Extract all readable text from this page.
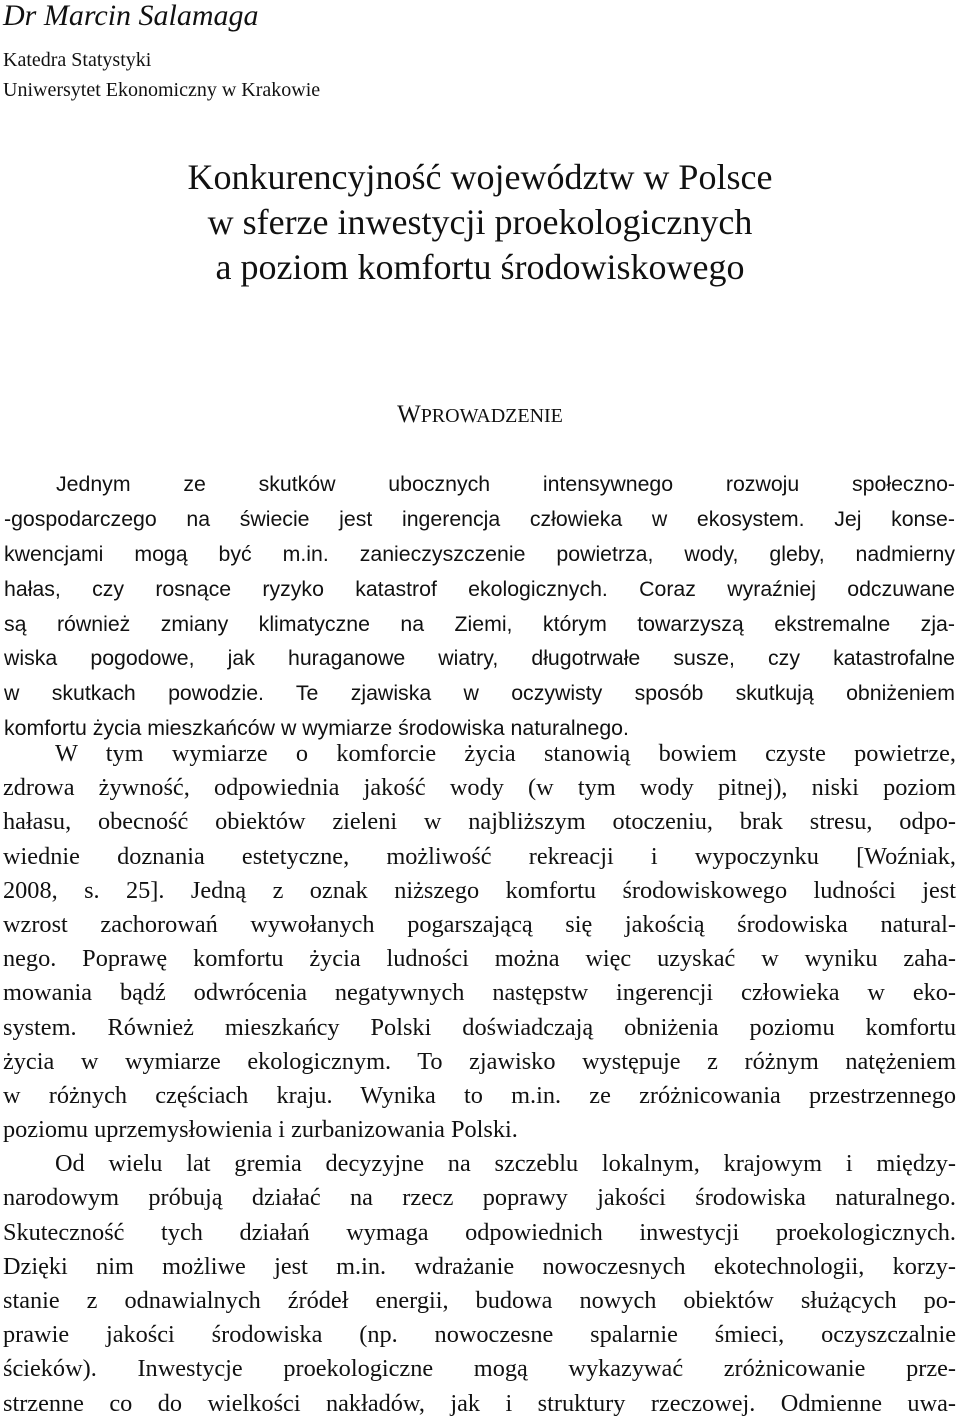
Dr Marcin Salamaga
Katedra Statystyki
Uniwersytet Ekonomiczny w Krakowie
Konkurencyjność województw w Polsce
w sferze inwestycji proekologicznych
a poziom komfortu środowiskowego
WPROWADZENIE
Jednym ze skutków ubocznych intensywnego rozwoju społeczno-
-gospodarczego na świecie jest ingerencja człowieka w ekosystem. Jej konse-
kwencjami mogą być m.in. zanieczyszczenie powietrza, wody, gleby, nadmierny
hałas, czy rosnące ryzyko katastrof ekologicznych. Coraz wyraźniej odczuwane
są również zmiany klimatyczne na Ziemi, którym towarzyszą ekstremalne zja-
wiska pogodowe, jak huraganowe wiatry, długotrwałe susze, czy katastrofalne
w skutkach powodzie. Te zjawiska w oczywisty sposób skutkują obniżeniem
komfortu życia mieszkańców w wymiarze środowiska naturalnego.
W tym wymiarze o komforcie życia stanowią bowiem czyste powietrze,
zdrowa żywność, odpowiednia jakość wody (w tym wody pitnej), niski poziom
hałasu, obecność obiektów zieleni w najbliższym otoczeniu, brak stresu, odpo-
wiednie doznania estetyczne, możliwość rekreacji i wypoczynku [Woźniak,
2008, s. 25]. Jedną z oznak niższego komfortu środowiskowego ludności jest
wzrost zachorowań wywołanych pogarszającą się jakością środowiska natural-
nego. Poprawę komfortu życia ludności można więc uzyskać w wyniku zaha-
mowania bądź odwrócenia negatywnych następstw ingerencji człowieka w eko-
system. Również mieszkańcy Polski doświadczają obniżenia poziomu komfortu
życia w wymiarze ekologicznym. To zjawisko występuje z różnym natężeniem
w różnych częściach kraju. Wynika to m.in. ze zróżnicowania przestrzennego
poziomu uprzemysłowienia i zurbanizowania Polski.
Od wielu lat gremia decyzyjne na szczeblu lokalnym, krajowym i między-
narodowym próbują działać na rzecz poprawy jakości środowiska naturalnego.
Skuteczność tych działań wymaga odpowiednich inwestycji proekologicznych.
Dzięki nim możliwe jest m.in. wdrażanie nowoczesnych ekotechnologii, korzy-
stanie z odnawialnych źródeł energii, budowa nowych obiektów służących po-
prawie jakości środowiska (np. nowoczesne spalarnie śmieci, oczyszczalnie
ścieków). Inwestycje proekologiczne mogą wykazywać zróżnicowanie prze-
strzenne co do wielkości nakładów, jak i struktury rzeczowej. Odmienne uwa-
